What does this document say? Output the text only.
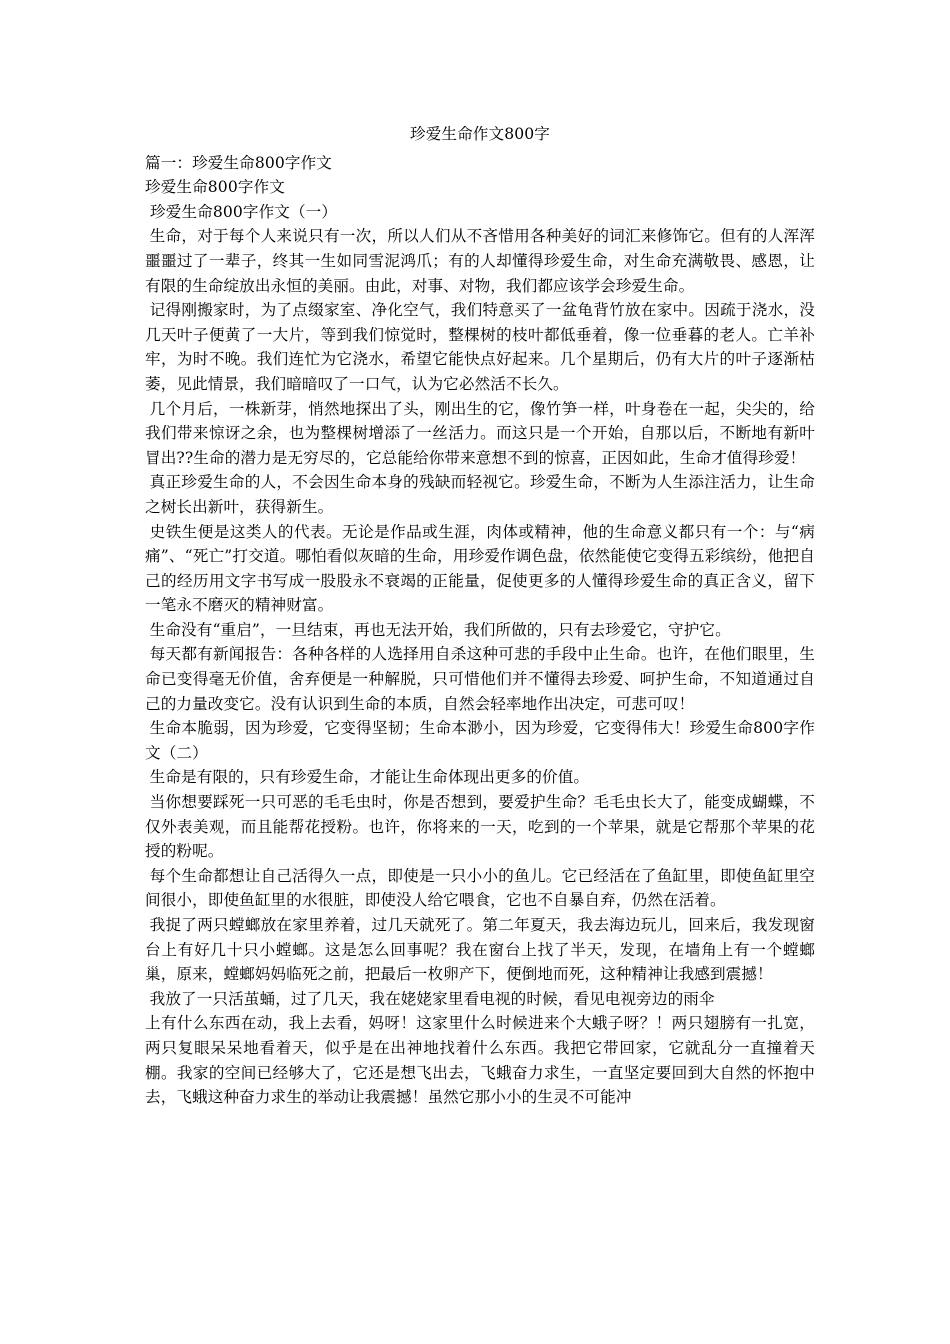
珍爱生命作文800字
篇一：珍爱生命800字作文
珍爱生命800字作文
珍爱生命800字作文（一）

生命，对于每个人来说只有一次，所以人们从不吝惜用各种美好的词汇来修饰它。但有的人浑浑噩噩过了一辈子，终其一生如同雪泥鸿爪；有的人却懂得珍爱生命，对生命充满敬畏、感恩，让有限的生命绽放出永恒的美丽。由此，对事、对物，我们都应该学会珍爱生命。

记得刚搬家时，为了点缀家室、净化空气，我们特意买了一盆龟背竹放在家中。因疏于浇水，没几天叶子便黄了一大片，等到我们惊觉时，整棵树的枝叶都低垂着，像一位垂暮的老人。亡羊补牢，为时不晚。我们连忙为它浇水，希望它能快点好起来。几个星期后，仍有大片的叶子逐渐枯萎，见此情景，我们暗暗叹了一口气，认为它必然活不长久。

几个月后，一株新芽，悄然地探出了头，刚出生的它，像竹笋一样，叶身卷在一起，尖尖的，给我们带来惊讶之余，也为整棵树增添了一丝活力。而这只是一个开始，自那以后，不断地有新叶冒出??生命的潜力是无穷尽的，它总能给你带来意想不到的惊喜，正因如此，生命才值得珍爱！

真正珍爱生命的人，不会因生命本身的残缺而轻视它。珍爱生命，不断为人生添注活力，让生命之树长出新叶，获得新生。

史铁生便是这类人的代表。无论是作品或生涯，肉体或精神，他的生命意义都只有一个：与“病痛”、“死亡”打交道。哪怕看似灰暗的生命，用珍爱作调色盘，依然能使它变得五彩缤纷，他把自己的经历用文字书写成一股股永不衰竭的正能量，促使更多的人懂得珍爱生命的真正含义，留下一笔永不磨灭的精神财富。

生命没有“重启”，一旦结束，再也无法开始，我们所做的，只有去珍爱它，守护它。

每天都有新闻报告：各种各样的人选择用自杀这种可悲的手段中止生命。也许，在他们眼里，生命已变得毫无价值，舍弃便是一种解脱，只可惜他们并不懂得去珍爱、呵护生命，不知道通过自己的力量改变它。没有认识到生命的本质，自然会轻率地作出决定，可悲可叹！

生命本脆弱，因为珍爱，它变得坚韧；生命本渺小，因为珍爱，它变得伟大！珍爱生命800字作文（二）

生命是有限的，只有珍爱生命，才能让生命体现出更多的价值。

当你想要踩死一只可恶的毛毛虫时，你是否想到，要爱护生命？毛毛虫长大了，能变成蝴蝶，不仅外表美观，而且能帮花授粉。也许，你将来的一天，吃到的一个苹果，就是它帮那个苹果的花授的粉呢。

每个生命都想让自己活得久一点，即使是一只小小的鱼儿。它已经活在了鱼缸里，即使鱼缸里空间很小，即使鱼缸里的水很脏，即使没人给它喂食，它也不自暴自弃，仍然在活着。

我捉了两只螳螂放在家里养着，过几天就死了。第二年夏天，我去海边玩儿，回来后，我发现窗台上有好几十只小螳螂。这是怎么回事呢？我在窗台上找了半天，发现，在墙角上有一个螳螂巢，原来，螳螂妈妈临死之前，把最后一枚卵产下，便倒地而死，这种精神让我感到震撼！

我放了一只活茧蛹，过了几天，我在姥姥家里看电视的时候，看见电视旁边的雨伞

上有什么东西在动，我上去看，妈呀！这家里什么时候进来个大蛾子呀？！两只翅膀有一扎宽，两只复眼呆呆地看着天，似乎是在出神地找着什么东西。我把它带回家，它就乱分一直撞着天棚。我家的空间已经够大了，它还是想飞出去，飞蛾奋力求生，一直坚定要回到大自然的怀抱中去，飞蛾这种奋力求生的举动让我震撼！虽然它那小小的生灵不可能冲
